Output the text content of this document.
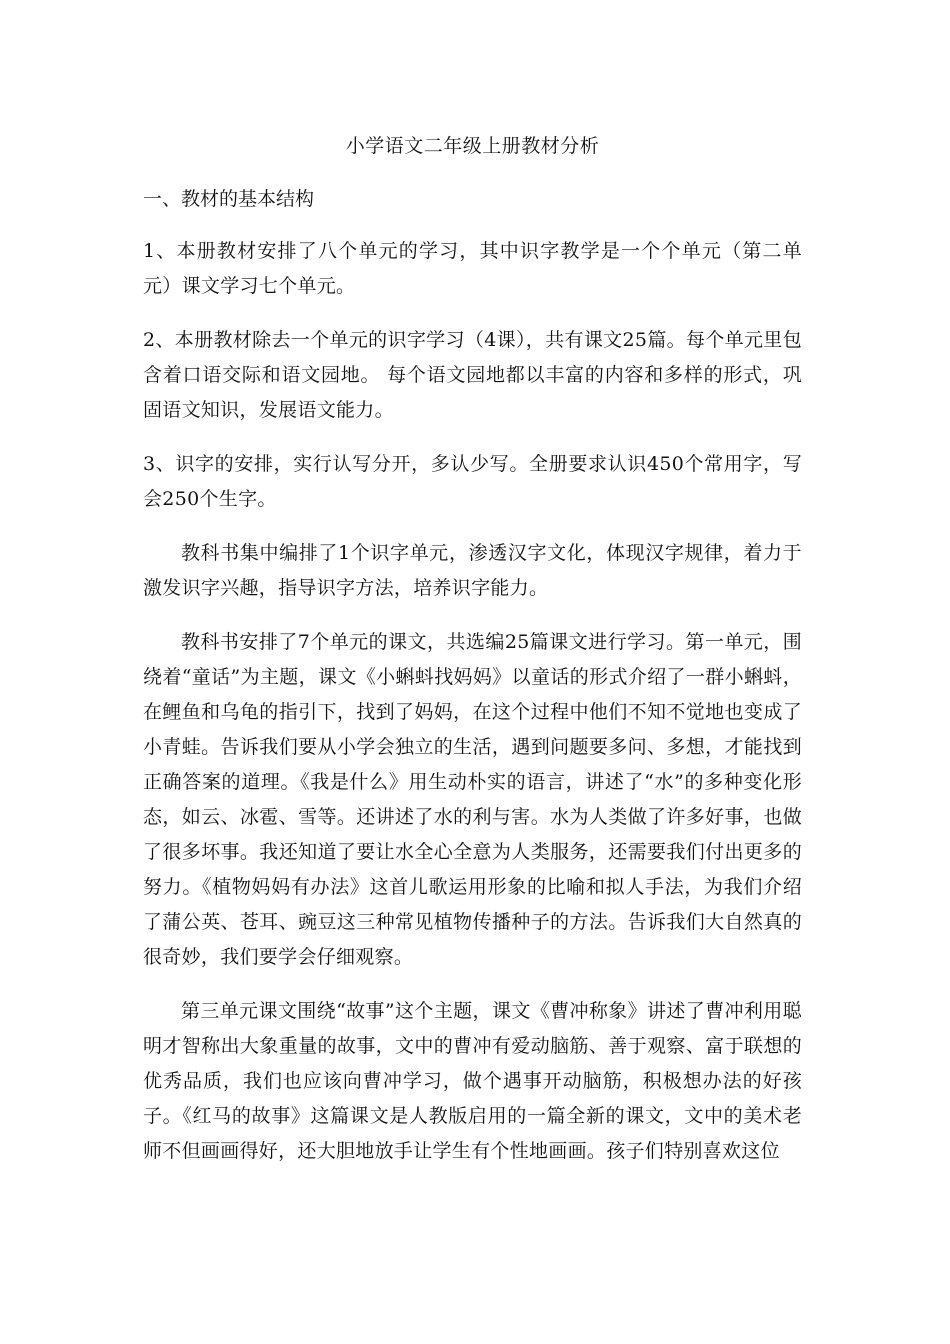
小学语文二年级上册教材分析
一、教材的基本结构

1、本册教材安排了八个单元的学习，其中识字教学是一个个单元（第二单元）课文学习七个单元。

2、本册教材除去一个单元的识字学习（4课），共有课文25篇。每个单元里包含着口语交际和语文园地。 每个语文园地都以丰富的内容和多样的形式，巩固语文知识，发展语文能力。

3、识字的安排，实行认写分开，多认少写。全册要求认识450个常用字，写会250个生字。

教科书集中编排了1个识字单元，渗透汉字文化，体现汉字规律，着力于激发识字兴趣，指导识字方法，培养识字能力。

教科书安排了7个单元的课文，共选编25篇课文进行学习。第一单元，围绕着“童话”为主题，课文《小蝌蚪找妈妈》以童话的形式介绍了一群小蝌蚪，在鲤鱼和乌龟的指引下，找到了妈妈，在这个过程中他们不知不觉地也变成了小青蛙。告诉我们要从小学会独立的生活，遇到问题要多问、多想，才能找到正确答案的道理。《我是什么》用生动朴实的语言，讲述了“水”的多种变化形态，如云、冰雹、雪等。还讲述了水的利与害。水为人类做了许多好事，也做了很多坏事。我还知道了要让水全心全意为人类服务，还需要我们付出更多的努力。《植物妈妈有办法》这首儿歌运用形象的比喻和拟人手法，为我们介绍了蒲公英、苍耳、豌豆这三种常见植物传播种子的方法。告诉我们大自然真的很奇妙，我们要学会仔细观察。

第三单元课文围绕“故事”这个主题，课文《曹冲称象》讲述了曹冲利用聪明才智称出大象重量的故事，文中的曹冲有爱动脑筋、善于观察、富于联想的优秀品质，我们也应该向曹冲学习，做个遇事开动脑筋，积极想办法的好孩子。《红马的故事》这篇课文是人教版启用的一篇全新的课文，文中的美术老师不但画画得好，还大胆地放手让学生有个性地画画。孩子们特别喜欢这位
